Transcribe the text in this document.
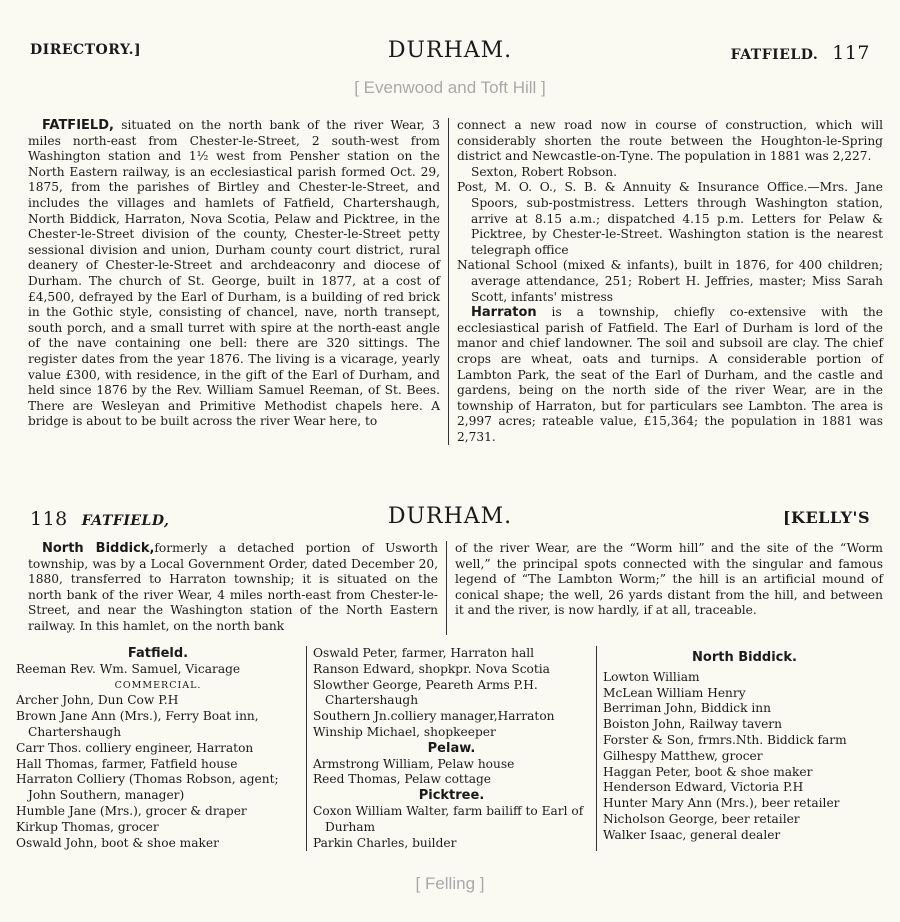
DIRECTORY.]	DURHAM.	FATFIELD. 117
[ Evenwood and Toft Hill ]

FATFIELD, situated on the north bank of the river Wear, 3 miles north-east from Chester-le-Street, 2 south-west from Washington station and 1½ west from Pensher station on the North Eastern railway, is an ecclesiastical parish formed Oct. 29, 1875, from the parishes of Birtley and Chester-le-Street, and includes the villages and hamlets of Fatfield, Chartershaugh, North Biddick, Harraton, Nova Scotia, Pelaw and Picktree, in the Chester-le-Street division of the county, Chester-le-Street petty sessional division and union, Durham county court district, rural deanery of Chester-le-Street and archdeaconry and diocese of Durham. The church of St. George, built in 1877, at a cost of £4,500, defrayed by the Earl of Durham, is a building of red brick in the Gothic style, consisting of chancel, nave, north transept, south porch, and a small turret with spire at the north-east angle of the nave containing one bell: there are 320 sittings. The register dates from the year 1876. The living is a vicarage, yearly value £300, with residence, in the gift of the Earl of Durham, and held since 1876 by the Rev. William Samuel Reeman, of St. Bees. There are Wesleyan and Primitive Methodist chapels here. A bridge is about to be built across the river Wear here, to

connect a new road now in course of construction, which will considerably shorten the route between the Houghton-le-Spring district and Newcastle-on-Tyne. The population in 1881 was 2,227.

Sexton, Robert Robson.

Post, M. O. O., S. B. & Annuity & Insurance Office.—Mrs. Jane Spoors, sub-postmistress. Letters through Washington station, arrive at 8.15 a.m.; dispatched 4.15 p.m. Letters for Pelaw & Picktree, by Chester-le-Street. Washington station is the nearest telegraph office

National School (mixed & infants), built in 1876, for 400 children; average attendance, 251; Robert H. Jeffries, master; Miss Sarah Scott, infants' mistress

Harraton is a township, chiefly co-extensive with the ecclesiastical parish of Fatfield. The Earl of Durham is lord of the manor and chief landowner. The soil and subsoil are clay. The chief crops are wheat, oats and turnips. A considerable portion of Lambton Park, the seat of the Earl of Durham, and the castle and gardens, being on the north side of the river Wear, are in the township of Harraton, but for particulars see Lambton. The area is 2,997 acres; rateable value, £15,364; the population in 1881 was 2,731.

118 FATFIELD,	DURHAM.	[KELLY'S

North Biddick,formerly a detached portion of Usworth township, was by a Local Government Order, dated December 20, 1880, transferred to Harraton township; it is situated on the north bank of the river Wear, 4 miles north-east from Chester-le-Street, and near the Washington station of the North Eastern railway. In this hamlet, on the north bank

of the river Wear, are the “Worm hill” and the site of the “Worm well,” the principal spots connected with the singular and famous legend of “The Lambton Worm;” the hill is an artificial mound of conical shape; the well, 26 yards distant from the hill, and between it and the river, is now hardly, if at all, traceable.

Fatfield.
Reeman Rev. Wm. Samuel, Vicarage
COMMERCIAL.
Archer John, Dun Cow P.H
Brown Jane Ann (Mrs.), Ferry Boat inn, Chartershaugh
Carr Thos. colliery engineer, Harraton
Hall Thomas, farmer, Fatfield house
Harraton Colliery (Thomas Robson, agent; John Southern, manager)
Humble Jane (Mrs.), grocer & draper
Kirkup Thomas, grocer
Oswald John, boot & shoe maker
Oswald Peter, farmer, Harraton hall
Ranson Edward, shopkpr. Nova Scotia
Slowther George, Peareth Arms P.H. Chartershaugh
Southern Jn.colliery manager,Harraton
Winship Michael, shopkeeper
Pelaw.
Armstrong William, Pelaw house
Reed Thomas, Pelaw cottage
Picktree.
Coxon William Walter, farm bailiff to Earl of Durham
Parkin Charles, builder
North Biddick.
Lowton William
McLean William Henry
Berriman John, Biddick inn
Boiston John, Railway tavern
Forster & Son, frmrs.Nth. Biddick farm
Gilhespy Matthew, grocer
Haggan Peter, boot & shoe maker
Henderson Edward, Victoria P.H
Hunter Mary Ann (Mrs.), beer retailer
Nicholson George, beer retailer
Walker Isaac, general dealer
[ Felling ]
